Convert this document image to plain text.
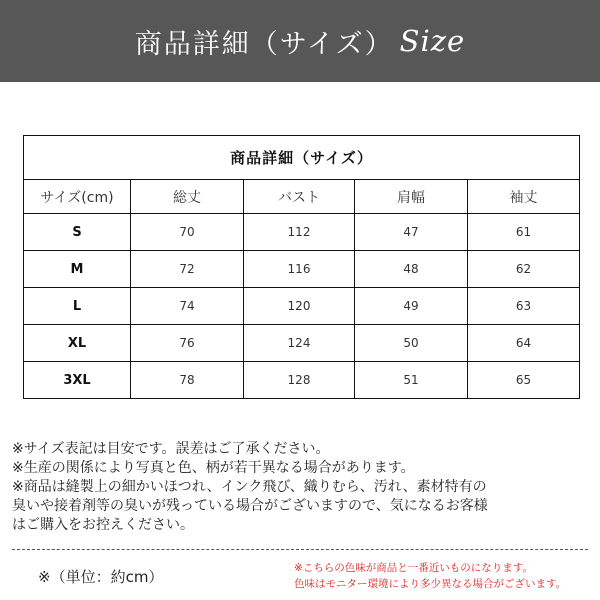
商品詳細（サイズ） Size
商品詳細（サイズ）				
サイズ(cm)	総丈	バスト	肩幅	袖丈
S	70	112	47	61
M	72	116	48	62
L	74	120	49	63
XL	76	124	50	64
3XL	78	128	51	65
※サイズ表記は目安です。誤差はご了承ください。
※生産の関係により写真と色、柄が若干異なる場合があります。
※商品は縫製上の細かいほつれ、インク飛び、織りむら、汚れ、素材特有の
臭いや接着剤等の臭いが残っている場合がございますので、気になるお客様
はご購入をお控えください。
※（単位：約cm）	※こちらの色味が商品と一番近いものになります。
色味はモニター環境により多少異なる場合がございます。
